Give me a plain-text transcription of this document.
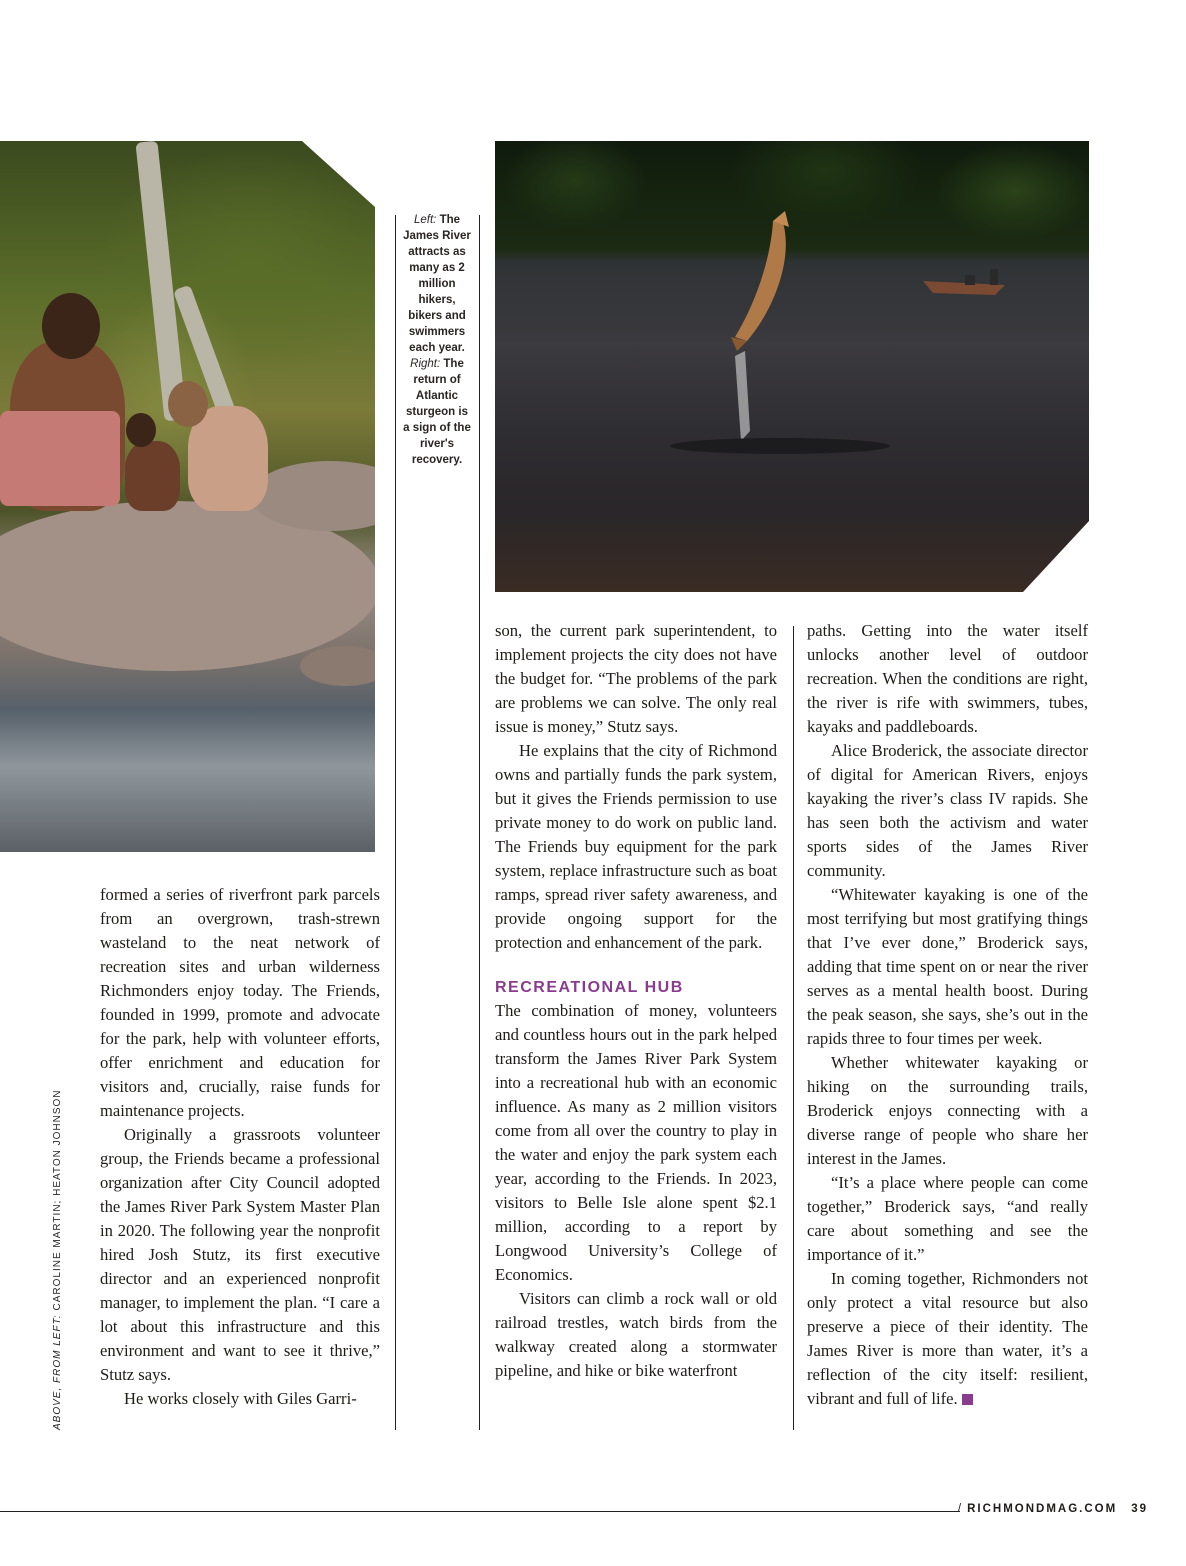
Left: The James River attracts as many as 2 million hikers, bikers and swimmers each year. Right: The return of Atlantic sturgeon is a sign of the river's recovery.
ABOVE, FROM LEFT: CAROLINE MARTIN; HEATON JOHNSON

formed a series of riverfront park parcels from an overgrown, trash-strewn wasteland to the neat network of recreation sites and urban wilderness Richmonders enjoy today. The Friends, founded in 1999, promote and advocate for the park, help with volunteer efforts, offer enrichment and education for visitors and, crucially, raise funds for maintenance projects.

Originally a grassroots volunteer group, the Friends became a professional organization after City Council adopted the James River Park System Master Plan in 2020. The following year the nonprofit hired Josh Stutz, its first executive director and an experienced nonprofit manager, to implement the plan. “I care a lot about this infrastructure and this environment and want to see it thrive,” Stutz says.

He works closely with Giles Garri-

son, the current park superintendent, to implement projects the city does not have the budget for. “The problems of the park are problems we can solve. The only real issue is money,” Stutz says.

He explains that the city of Richmond owns and partially funds the park system, but it gives the Friends permission to use private money to do work on public land. The Friends buy equipment for the park system, replace infrastructure such as boat ramps, spread river safety awareness, and provide ongoing support for the protection and enhancement of the park.

RECREATIONAL HUB

The combination of money, volunteers and countless hours out in the park helped transform the James River Park System into a recreational hub with an economic influence. As many as 2 million visitors come from all over the country to play in the water and enjoy the park system each year, according to the Friends. In 2023, visitors to Belle Isle alone spent $2.1 million, according to a report by Longwood University’s College of Economics.

Visitors can climb a rock wall or old railroad trestles, watch birds from the walkway created along a stormwater pipeline, and hike or bike waterfront

paths. Getting into the water itself unlocks another level of outdoor recreation. When the conditions are right, the river is rife with swimmers, tubes, kayaks and paddleboards.

Alice Broderick, the associate director of digital for American Rivers, enjoys kayaking the river’s class IV rapids. She has seen both the activism and water sports sides of the James River community.

“Whitewater kayaking is one of the most terrifying but most gratifying things that I’ve ever done,” Broderick says, adding that time spent on or near the river serves as a mental health boost. During the peak season, she says, she’s out in the rapids three to four times per week.

Whether whitewater kayaking or hiking on the surrounding trails, Broderick enjoys connecting with a diverse range of people who share her interest in the James.

“It’s a place where people can come together,” Broderick says, “and really care about something and see the importance of it.”

In coming together, Richmonders not only protect a vital resource but also preserve a piece of their identity. The James River is more than water, it’s a reflection of the city itself: resilient, vibrant and full of life.

/ RICHMONDMAG.COM 39
